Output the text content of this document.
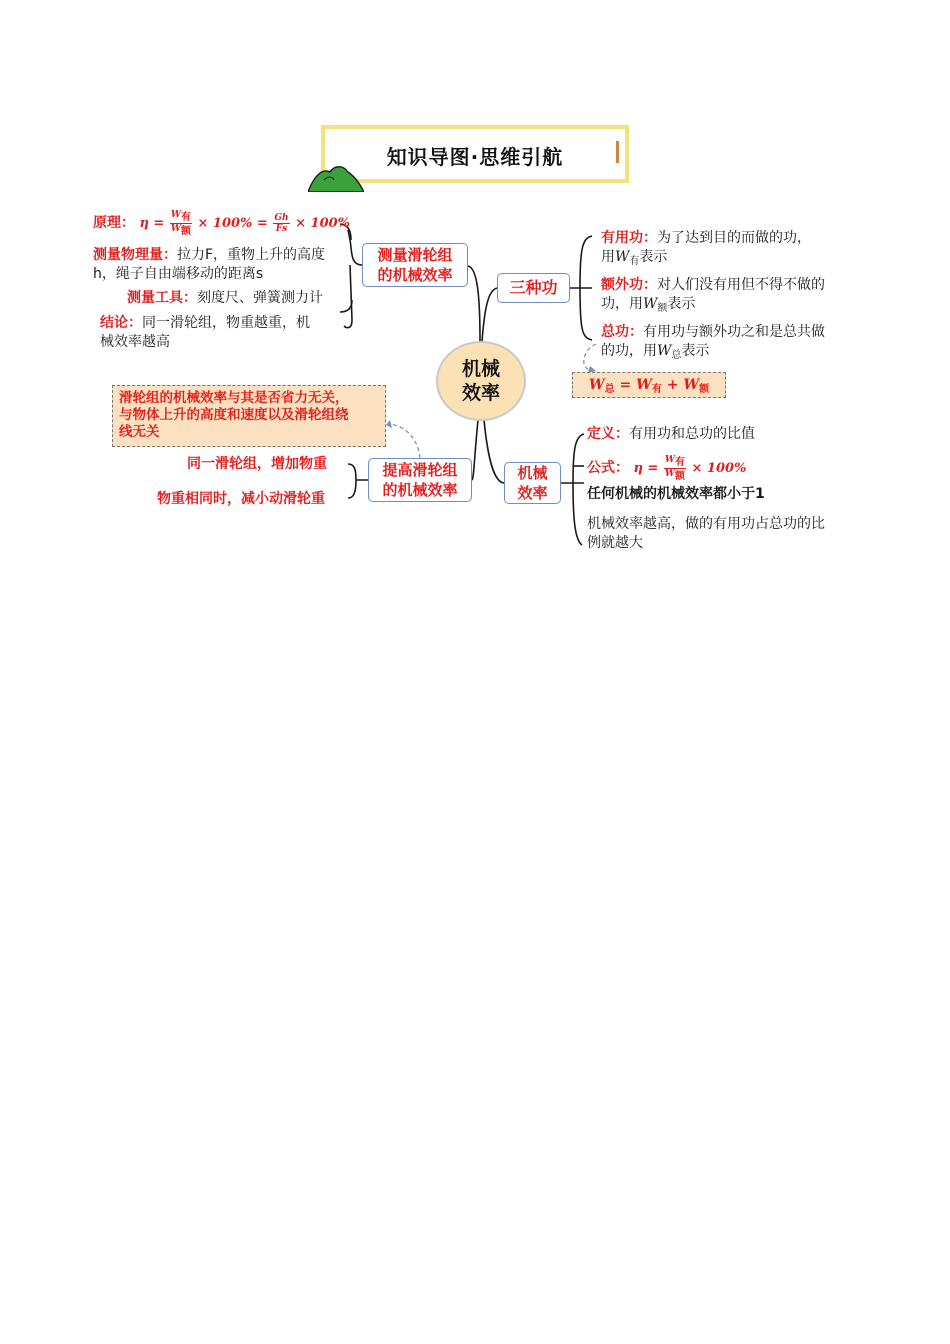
知识导图·思维引航
机械
效率
测量滑轮组
的机械效率
原理： $\eta = \frac{\text{W有}}{\text{W额}} \times 100\% = \frac{Gh}{Fs} \times 100\%$
测量物理量：拉力F，重物上升的高度
h，绳子自由端移动的距离s
测量工具：刻度尺、弹簧测力计
结论：同一滑轮组，物重越重，机
械效率越高
三种功
有用功：为了达到目的而做的功，
用$W_有$表示
额外功：对人们没有用但不得不做的
功，用$W_额$表示
总功：有用功与额外功之和是总共做
的功，用$W_总$表示
$W_总 = W_有 + W_额$
机械
效率
定义：有用功和总功的比值
公式： $\eta = \frac{\text{W有}}{\text{W额}} \times 100\%$
任何机械的机械效率都小于1
机械效率越高，做的有用功占总功的比
例就越大
提高滑轮组
的机械效率
同一滑轮组，增加物重
物重相同时，减小动滑轮重
滑轮组的机械效率与其是否省力无关，
与物体上升的高度和速度以及滑轮组绕
线无关
